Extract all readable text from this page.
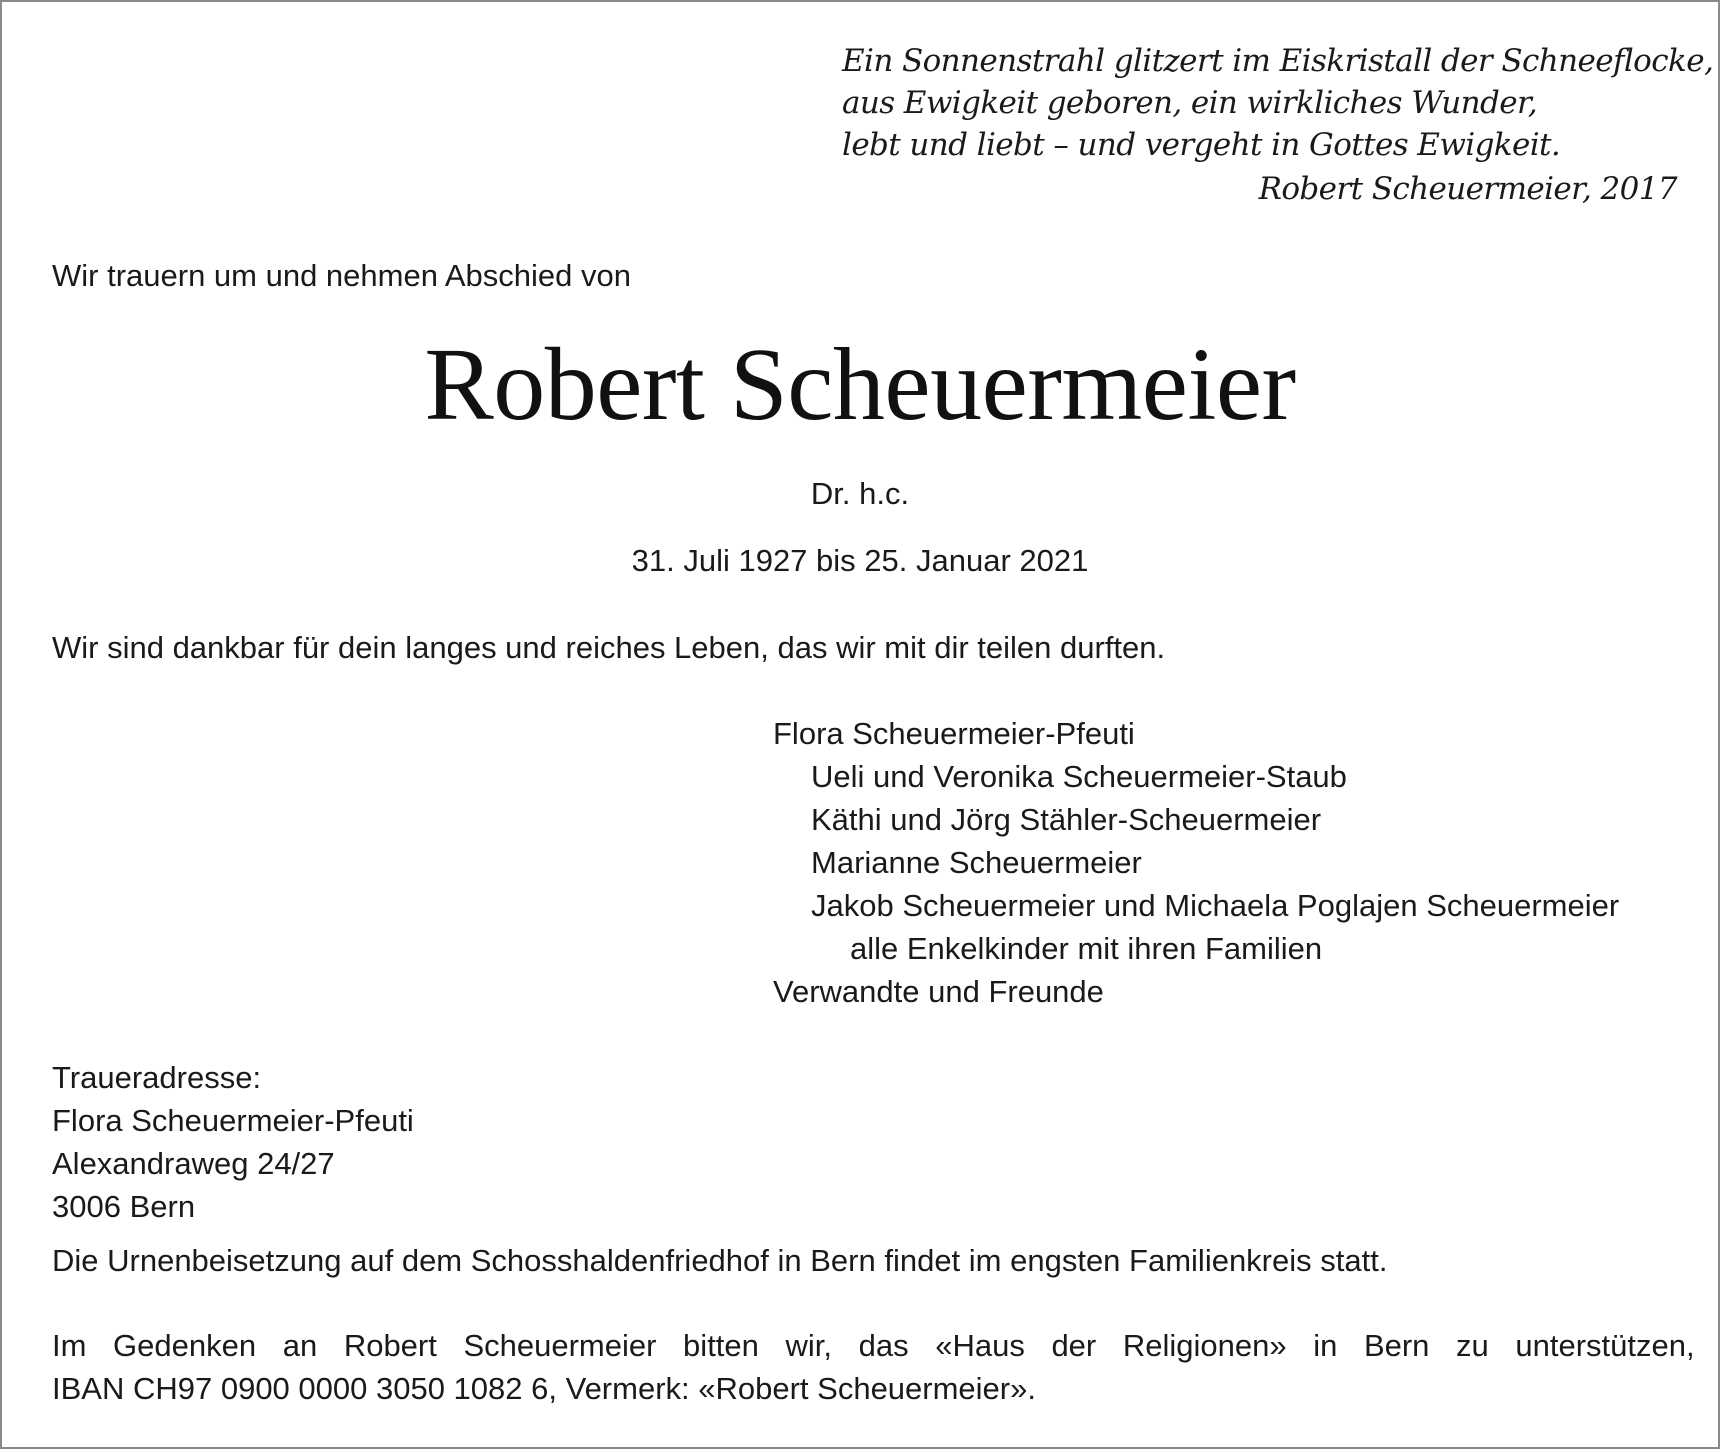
Ein Sonnenstrahl glitzert im Eiskristall der Schneeflocke,
aus Ewigkeit geboren, ein wirkliches Wunder,
lebt und liebt – und vergeht in Gottes Ewigkeit.
Robert Scheuermeier, 2017
Wir trauern um und nehmen Abschied von
Robert Scheuermeier
Dr. h.c.
31. Juli 1927 bis 25. Januar 2021
Wir sind dankbar für dein langes und reiches Leben, das wir mit dir teilen durften.
Flora Scheuermeier-Pfeuti
Ueli und Veronika Scheuermeier-Staub
Käthi und Jörg Stähler-Scheuermeier
Marianne Scheuermeier
Jakob Scheuermeier und Michaela Poglajen Scheuermeier
alle Enkelkinder mit ihren Familien
Verwandte und Freunde
Traueradresse:
Flora Scheuermeier-Pfeuti
Alexandraweg 24/27
3006 Bern
Die Urnenbeisetzung auf dem Schosshaldenfriedhof in Bern findet im engsten Familienkreis statt.
Im Gedenken an Robert Scheuermeier bitten wir, das «Haus der Religionen» in Bern zu unterstützen,
IBAN CH97 0900 0000 3050 1082 6, Vermerk: «Robert Scheuermeier».
